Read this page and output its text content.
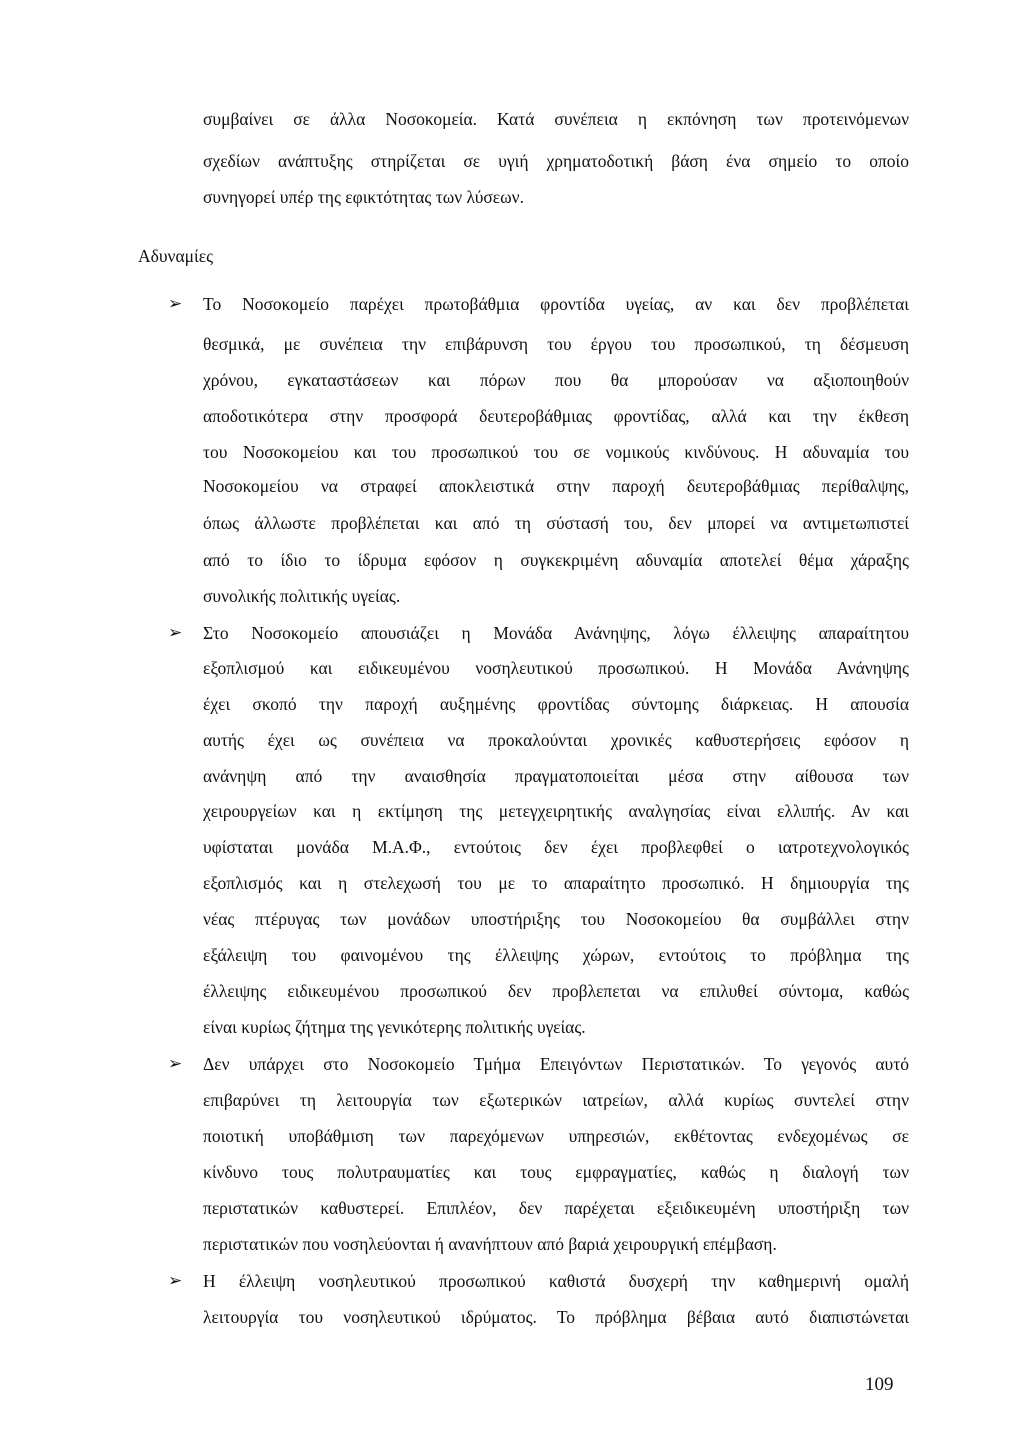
συμβαίνει σε άλλα Νοσοκομεία. Κατά συνέπεια η εκπόνηση των προτεινόμενων
σχεδίων ανάπτυξης στηρίζεται σε υγιή χρηματοδοτική βάση ένα σημείο το οποίο
συνηγορεί υπέρ της εφικτότητας των λύσεων.
Αδυναμίες
➢	Το Νοσοκομείο παρέχει πρωτοβάθμια φροντίδα υγείας, αν και δεν προβλέπεται
θεσμικά, με συνέπεια την επιβάρυνση του έργου του προσωπικού, τη δέσμευση
χρόνου, εγκαταστάσεων και πόρων που θα μπορούσαν να αξιοποιηθούν
αποδοτικότερα στην προσφορά δευτεροβάθμιας φροντίδας, αλλά και την έκθεση
του Νοσοκομείου και του προσωπικού του σε νομικούς κινδύνους. Η αδυναμία του
Νοσοκομείου να στραφεί αποκλειστικά στην παροχή δευτεροβάθμιας περίθαλψης,
όπως άλλωστε προβλέπεται και από τη σύστασή του, δεν μπορεί να αντιμετωπιστεί
από το ίδιο το ίδρυμα εφόσον η συγκεκριμένη αδυναμία αποτελεί θέμα χάραξης
συνολικής πολιτικής υγείας.
➢	Στο Νοσοκομείο απουσιάζει η Μονάδα Ανάνηψης, λόγω έλλειψης απαραίτητου
εξοπλισμού και ειδικευμένου νοσηλευτικού προσωπικού. Η Μονάδα Ανάνηψης
έχει σκοπό την παροχή αυξημένης φροντίδας σύντομης διάρκειας. Η απουσία
αυτής έχει ως συνέπεια να προκαλούνται χρονικές καθυστερήσεις εφόσον η
ανάνηψη από την αναισθησία πραγματοποιείται μέσα στην αίθουσα των
χειρουργείων και η εκτίμηση της μετεγχειρητικής αναλγησίας είναι ελλιπής. Αν και
υφίσταται μονάδα Μ.Α.Φ., εντούτοις δεν έχει προβλεφθεί ο ιατροτεχνολογικός
εξοπλισμός και η στελεχωσή του με το απαραίτητο προσωπικό. Η δημιουργία της
νέας πτέρυγας των μονάδων υποστήριξης του Νοσοκομείου θα συμβάλλει στην
εξάλειψη του φαινομένου της έλλειψης χώρων, εντούτοις το πρόβλημα της
έλλειψης ειδικευμένου προσωπικού δεν προβλεπεται να επιλυθεί σύντομα, καθώς
είναι κυρίως ζήτημα της γενικότερης πολιτικής υγείας.
➢	Δεν υπάρχει στο Νοσοκομείο Τμήμα Επειγόντων Περιστατικών. Το γεγονός αυτό
επιβαρύνει τη λειτουργία των εξωτερικών ιατρείων, αλλά κυρίως συντελεί στην
ποιοτική υποβάθμιση των παρεχόμενων υπηρεσιών, εκθέτοντας ενδεχομένως σε
κίνδυνο τους πολυτραυματίες και τους εμφραγματίες, καθώς η διαλογή των
περιστατικών καθυστερεί. Επιπλέον, δεν παρέχεται εξειδικευμένη υποστήριξη των
περιστατικών που νοσηλεύονται ή ανανήπτουν από βαριά χειρουργική επέμβαση.
➢	Η έλλειψη νοσηλευτικού προσωπικού καθιστά δυσχερή την καθημερινή ομαλή
λειτουργία του νοσηλευτικού ιδρύματος. Το πρόβλημα βέβαια αυτό διαπιστώνεται
109
